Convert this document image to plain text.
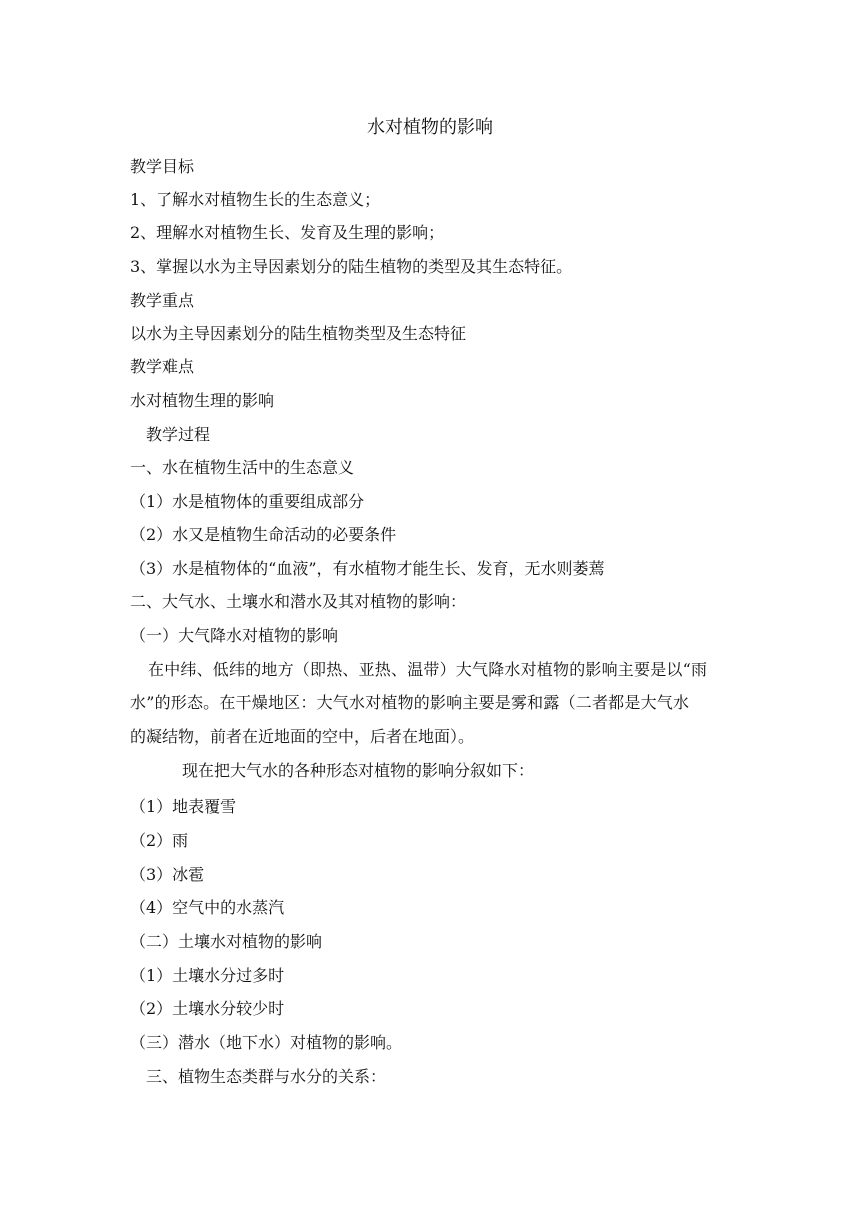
水对植物的影响
教学目标
1、了解水对植物生长的生态意义；
2、理解水对植物生长、发育及生理的影响；
3、掌握以水为主导因素划分的陆生植物的类型及其生态特征。
教学重点
以水为主导因素划分的陆生植物类型及生态特征
教学难点
水对植物生理的影响
教学过程
一、水在植物生活中的生态意义
（1）水是植物体的重要组成部分
（2）水又是植物生命活动的必要条件
（3）水是植物体的“血液”，有水植物才能生长、发育，无水则萎蔫
二、大气水、土壤水和潜水及其对植物的影响：
（一）大气降水对植物的影响
在中纬、低纬的地方（即热、亚热、温带）大气降水对植物的影响主要是以“雨
水”的形态。在干燥地区：大气水对植物的影响主要是雾和露（二者都是大气水
的凝结物，前者在近地面的空中，后者在地面）。
现在把大气水的各种形态对植物的影响分叙如下：
（1）地表覆雪
（2）雨
（3）冰雹
（4）空气中的水蒸汽
（二）土壤水对植物的影响
（1）土壤水分过多时
（2）土壤水分较少时
（三）潜水（地下水）对植物的影响。
三、植物生态类群与水分的关系：
